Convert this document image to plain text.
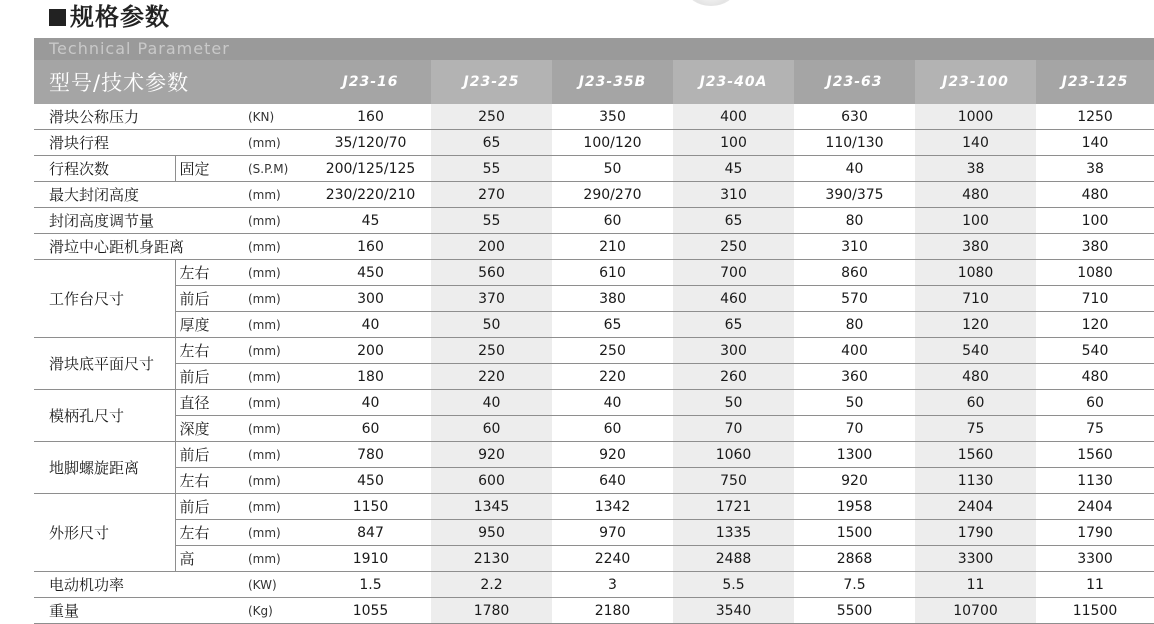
规格参数
Technical Parameter
型号/技术参数			J23-16	J23-25	J23-35B	J23-40A	J23-63	J23-100	J23-125
滑块公称压力		(KN)	160	250	350	400	630	1000	1250
滑块行程		(mm)	35/120/70	65	100/120	100	110/130	140	140
行程次数	固定	(S.P.M)	200/125/125	55	50	45	40	38	38
最大封闭高度		(mm)	230/220/210	270	290/270	310	390/375	480	480
封闭高度调节量		(mm)	45	55	60	65	80	100	100
滑垃中心距机身距离		(mm)	160	200	210	250	310	380	380
工作台尺寸	左右	(mm)	450	560	610	700	860	1080	1080
	前后	(mm)	300	370	380	460	570	710	710
	厚度	(mm)	40	50	65	65	80	120	120
滑块底平面尺寸	左右	(mm)	200	250	250	300	400	540	540
	前后	(mm)	180	220	220	260	360	480	480
模柄孔尺寸	直径	(mm)	40	40	40	50	50	60	60
	深度	(mm)	60	60	60	70	70	75	75
地脚螺旋距离	前后	(mm)	780	920	920	1060	1300	1560	1560
	左右	(mm)	450	600	640	750	920	1130	1130
外形尺寸	前后	(mm)	1150	1345	1342	1721	1958	2404	2404
	左右	(mm)	847	950	970	1335	1500	1790	1790
	高	(mm)	1910	2130	2240	2488	2868	3300	3300
电动机功率		(KW)	1.5	2.2	3	5.5	7.5	11	11
重量		(Kg)	1055	1780	2180	3540	5500	10700	11500
